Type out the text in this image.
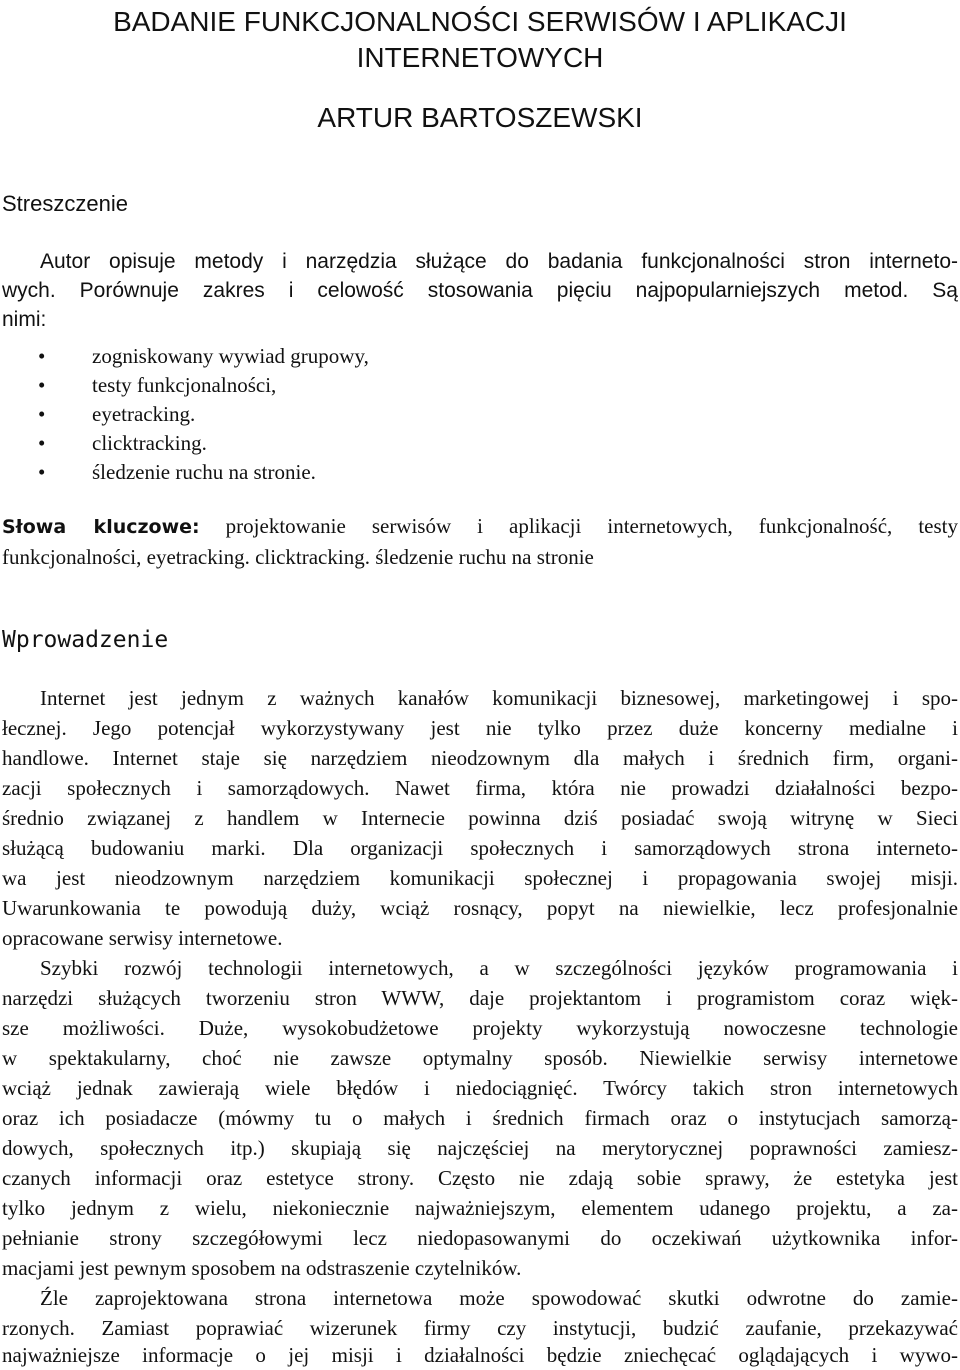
BADANIE FUNKCJONALNOŚCI SERWISÓW I APLIKACJI
INTERNETOWYCH
ARTUR BARTOSZEWSKI
Streszczenie
Autor opisuje metody i narzędzia służące do badania funkcjonalności stron interneto-
wych. Porównuje zakres i celowość stosowania pięciu najpopularniejszych metod. Są
nimi:
• zogniskowany wywiad grupowy,
• testy funkcjonalności,
• eyetracking.
• clicktracking.
• śledzenie ruchu na stronie.
Słowa kluczowe: projektowanie serwisów i aplikacji internetowych, funkcjonalność, testy
funkcjonalności, eyetracking. clicktracking. śledzenie ruchu na stronie
Wprowadzenie
Internet jest jednym z ważnych kanałów komunikacji biznesowej, marketingowej i spo-
łecznej. Jego potencjał wykorzystywany jest nie tylko przez duże koncerny medialne i
handlowe. Internet staje się narzędziem nieodzownym dla małych i średnich firm, organi-
zacji społecznych i samorządowych. Nawet firma, która nie prowadzi działalności bezpo-
średnio związanej z handlem w Internecie powinna dziś posiadać swoją witrynę w Sieci
służącą budowaniu marki. Dla organizacji społecznych i samorządowych strona interneto-
wa jest nieodzownym narzędziem komunikacji społecznej i propagowania swojej misji.
Uwarunkowania te powodują duży, wciąż rosnący, popyt na niewielkie, lecz profesjonalnie
opracowane serwisy internetowe.
Szybki rozwój technologii internetowych, a w szczególności języków programowania i
narzędzi służących tworzeniu stron WWW, daje projektantom i programistom coraz więk-
sze możliwości. Duże, wysokobudżetowe projekty wykorzystują nowoczesne technologie
w spektakularny, choć nie zawsze optymalny sposób. Niewielkie serwisy internetowe
wciąż jednak zawierają wiele błędów i niedociągnięć. Twórcy takich stron internetowych
oraz ich posiadacze (mówmy tu o małych i średnich firmach oraz o instytucjach samorzą-
dowych, społecznych itp.) skupiają się najczęściej na merytorycznej poprawności zamiesz-
czanych informacji oraz estetyce strony. Często nie zdają sobie sprawy, że estetyka jest
tylko jednym z wielu, niekoniecznie najważniejszym, elementem udanego projektu, a za-
pełnianie strony szczegółowymi lecz niedopasowanymi do oczekiwań użytkownika infor-
macjami jest pewnym sposobem na odstraszenie czytelników.
Źle zaprojektowana strona internetowa może spowodować skutki odwrotne do zamie-
rzonych. Zamiast poprawiać wizerunek firmy czy instytucji, budzić zaufanie, przekazywać
najważniejsze informacje o jej misji i działalności będzie zniechęcać oglądających i wywo-
